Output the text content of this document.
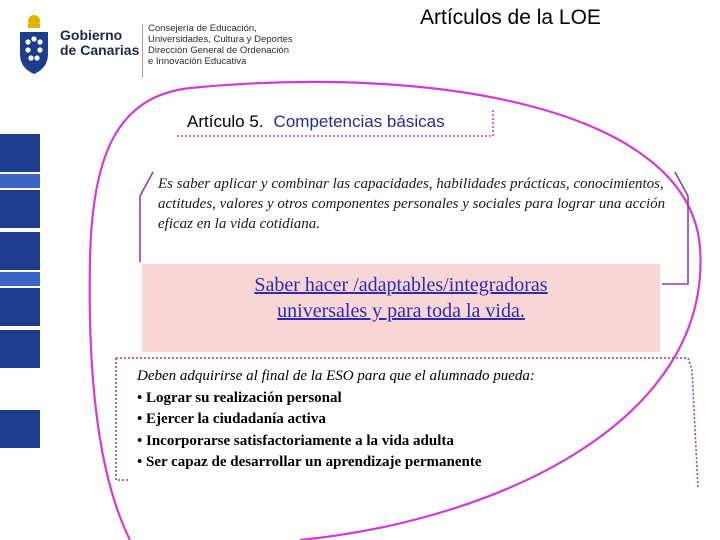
Gobierno
de Canarias
Consejería de Educación,
Universidades, Cultura y Deportes
Dirección General de Ordenación
e Innovación Educativa
Artículos de la LOE
Artículo 5. Competencias básicas
Es saber aplicar y combinar las capacidades, habilidades prácticas, conocimientos, actitudes, valores y otros componentes personales y sociales para lograr una acción eficaz en la vida cotidiana.

Saber hacer /adaptables/integradoras
universales y para toda la vida.

Deben adquirirse al final de la ESO para que el alumnado pueda:
• Lograr su realización personal
• Ejercer la ciudadanía activa
• Incorporarse satisfactoriamente a la vida adulta
• Ser capaz de desarrollar un aprendizaje permanente
